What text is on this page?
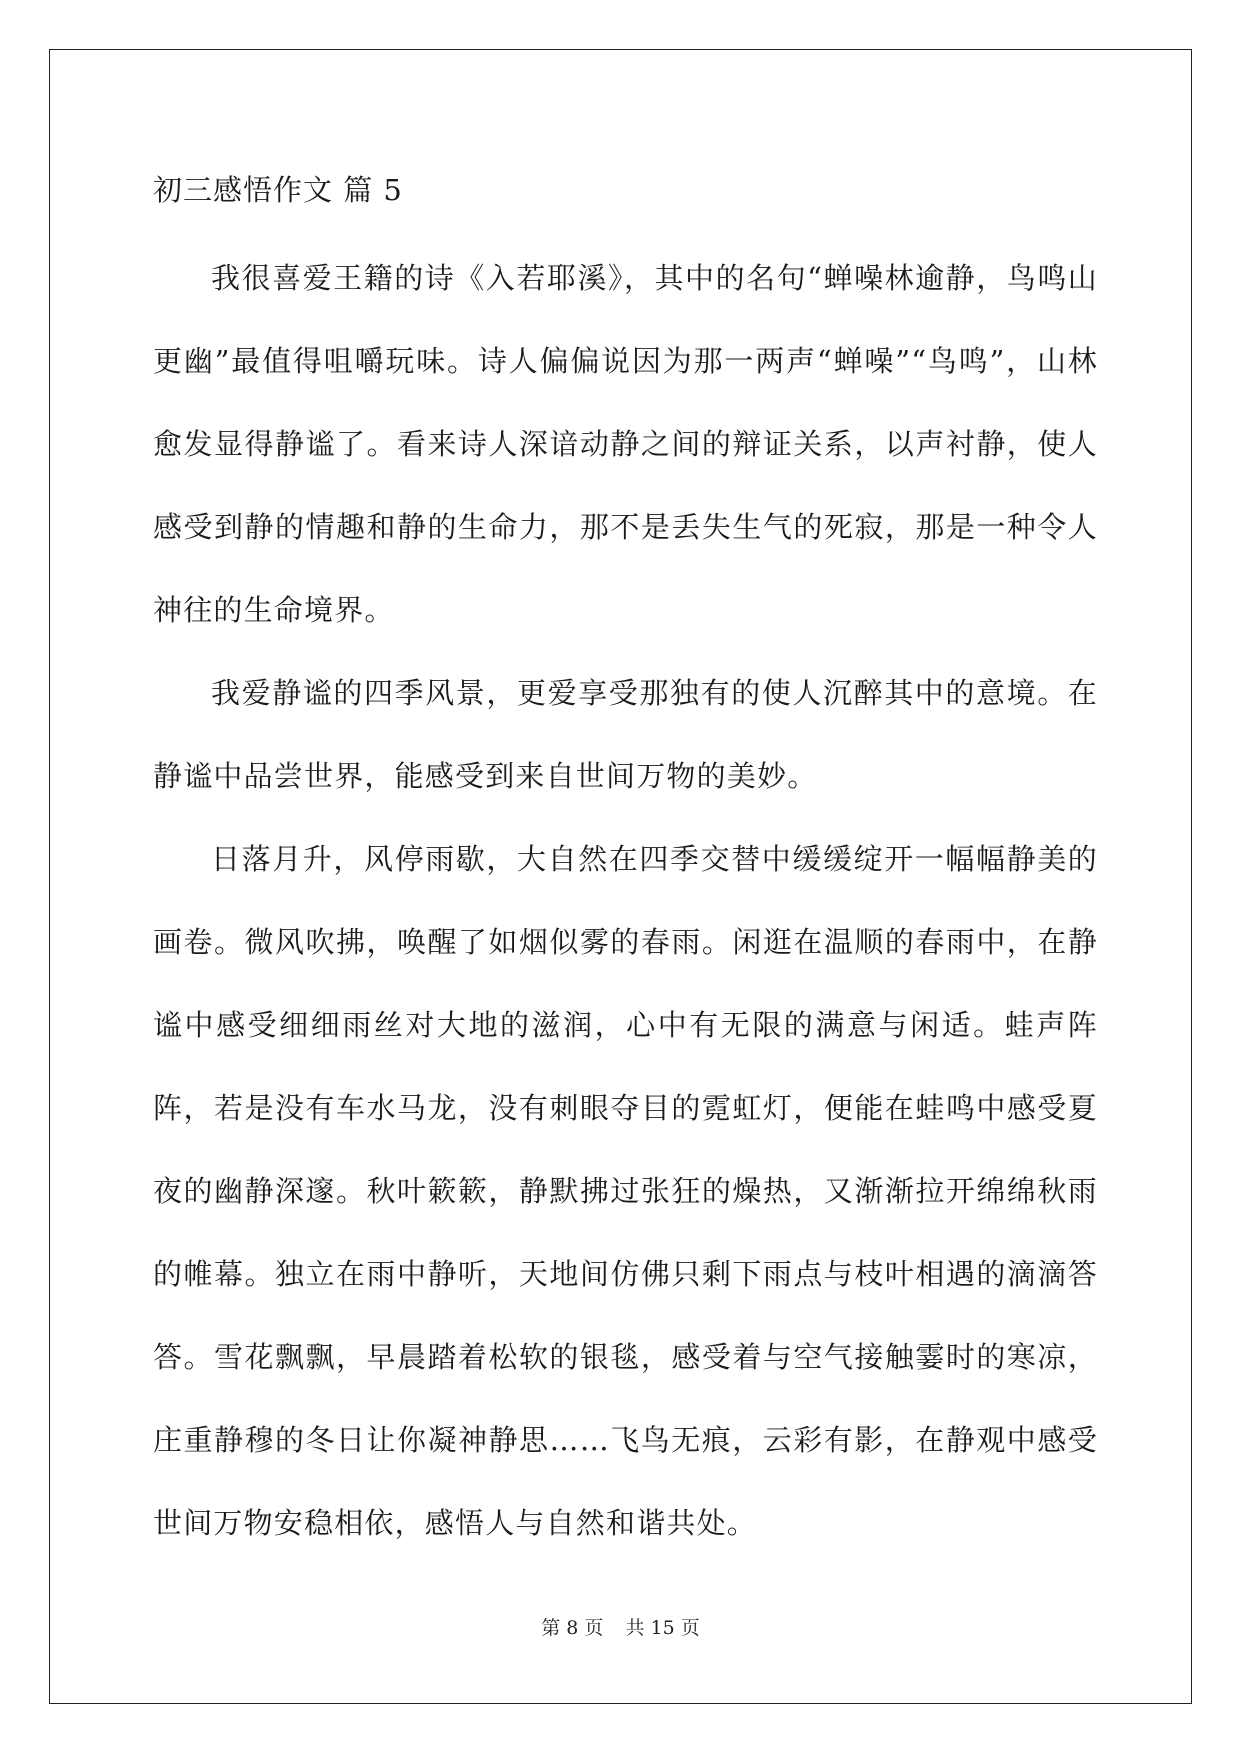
初三感悟作文 篇 5

我很喜爱王籍的诗《入若耶溪》，其中的名句“蝉噪林逾静，鸟鸣山更幽”最值得咀嚼玩味。诗人偏偏说因为那一两声“蝉噪”“鸟鸣”，山林愈发显得静谧了。看来诗人深谙动静之间的辩证关系，以声衬静，使人感受到静的情趣和静的生命力，那不是丢失生气的死寂，那是一种令人神往的生命境界。

我爱静谧的四季风景，更爱享受那独有的使人沉醉其中的意境。在静谧中品尝世界，能感受到来自世间万物的美妙。

日落月升，风停雨歇，大自然在四季交替中缓缓绽开一幅幅静美的画卷。微风吹拂，唤醒了如烟似雾的春雨。闲逛在温顺的春雨中，在静谧中感受细细雨丝对大地的滋润，心中有无限的满意与闲适。蛙声阵阵，若是没有车水马龙，没有刺眼夺目的霓虹灯，便能在蛙鸣中感受夏夜的幽静深邃。秋叶簌簌，静默拂过张狂的燥热，又渐渐拉开绵绵秋雨的帷幕。独立在雨中静听，天地间仿佛只剩下雨点与枝叶相遇的滴滴答答。雪花飘飘，早晨踏着松软的银毯，感受着与空气接触霎时的寒凉，庄重静穆的冬日让你凝神静思……飞鸟无痕，云彩有影，在静观中感受世间万物安稳相依，感悟人与自然和谐共处。

第 8 页 共 15 页
